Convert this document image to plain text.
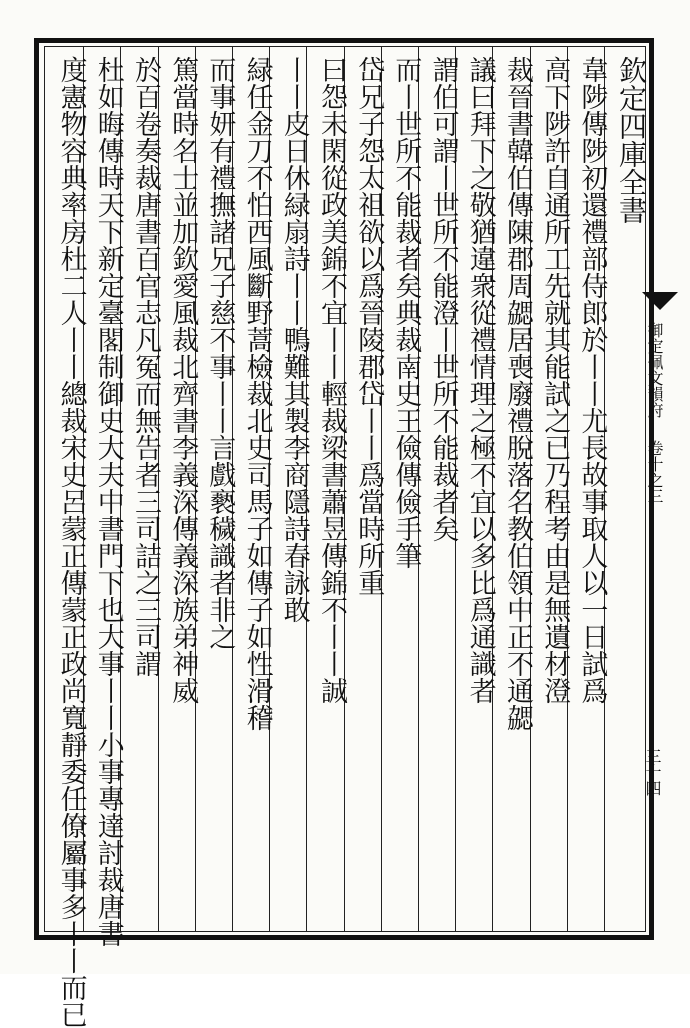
欽定四庫全書
御定佩文韻府
卷十之三
三十四
韋陟傳陟初還禮部侍郎於丨丨尤長故事取人以一日試爲
高下陟許自通所工先就其能試之已乃程考由是無遺材澄
裁晉書韓伯傳陳郡周勰居喪廢禮脫落名教伯領中正不通勰
議曰拜下之敬猶違衆從禮情理之極不宜以多比爲通識者
謂伯可謂丨世所不能澄丨世所不能裁者矣
而丨世所不能裁者矣典裁南史王儉傳儉手筆
岱兄子怨太祖欲以爲晉陵郡岱丨丨爲當時所重
曰怨未閑從政美錦不宜丨丨輕裁梁書蕭昱傳錦不丨丨誠
丨丨皮日休緑扇詩丨丨鴨難其製李商隱詩春詠敢
緑任金刀不怕西風斷野蒿檢裁北史司馬子如傳子如性滑稽
而事妍有禮撫諸兄子慈不事丨丨言戲褻穢識者非之
篤當時名士並加欽愛風裁北齊書李義深傳義深族弟神威
於百卷奏裁唐書百官志凡冤而無告者三司詰之三司謂
杜如晦傳時天下新定臺閣制御史大夫中書門下也大事丨丨小事專達討裁唐書
度憲物容典率房杜二人丨丨總裁宋史呂蒙正傳蒙正政尚寬靜委任僚屬事多丨丨而已
